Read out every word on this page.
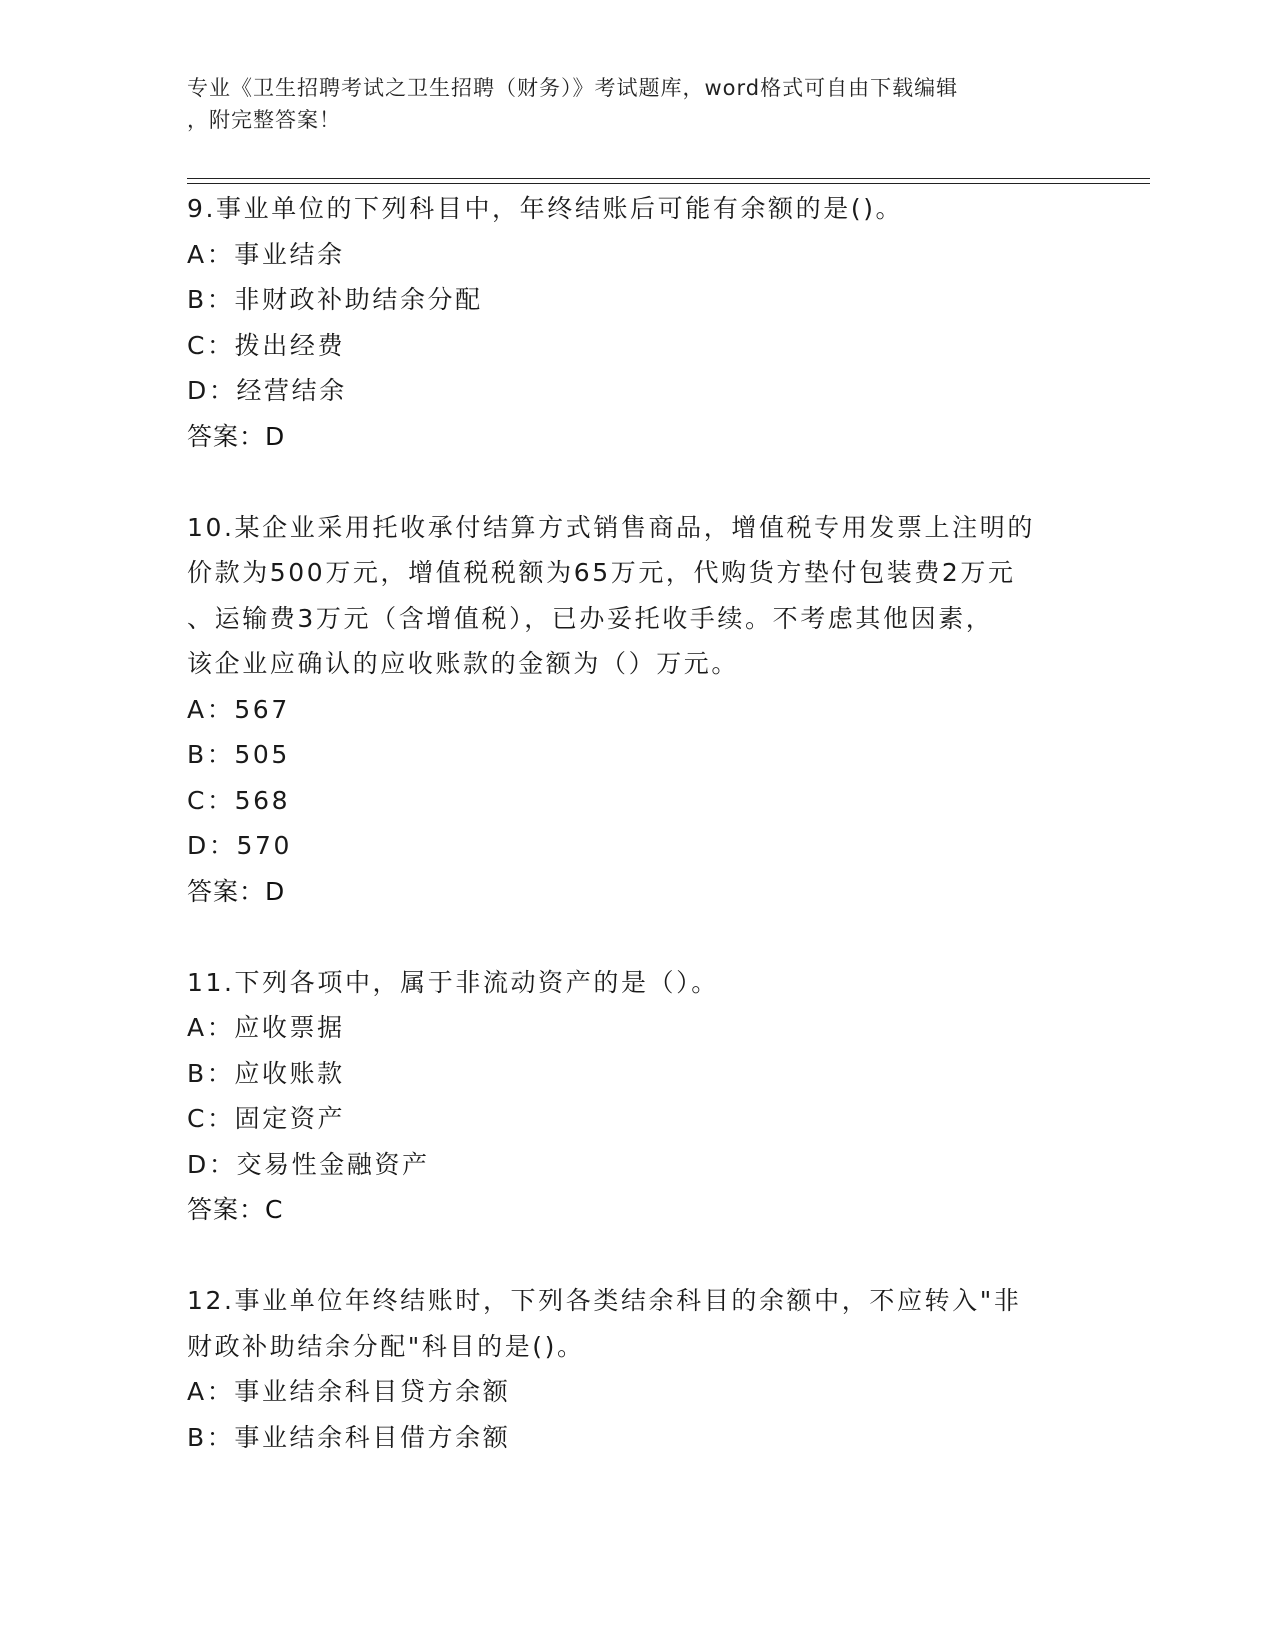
专业《卫生招聘考试之卫生招聘（财务）》考试题库，word格式可自由下载编辑
，附完整答案！
9.事业单位的下列科目中，年终结账后可能有余额的是()。
A：事业结余
B：非财政补助结余分配
C：拨出经费
D：经营结余
答案：D
10.某企业采用托收承付结算方式销售商品，增值税专用发票上注明的
价款为500万元，增值税税额为65万元，代购货方垫付包装费2万元
、运输费3万元（含增值税），已办妥托收手续。不考虑其他因素，
该企业应确认的应收账款的金额为（）万元。
A：567
B：505
C：568
D：570
答案：D
11.下列各项中，属于非流动资产的是（）。
A：应收票据
B：应收账款
C：固定资产
D：交易性金融资产
答案：C
12.事业单位年终结账时，下列各类结余科目的余额中，不应转入"非
财政补助结余分配"科目的是()。
A：事业结余科目贷方余额
B：事业结余科目借方余额
